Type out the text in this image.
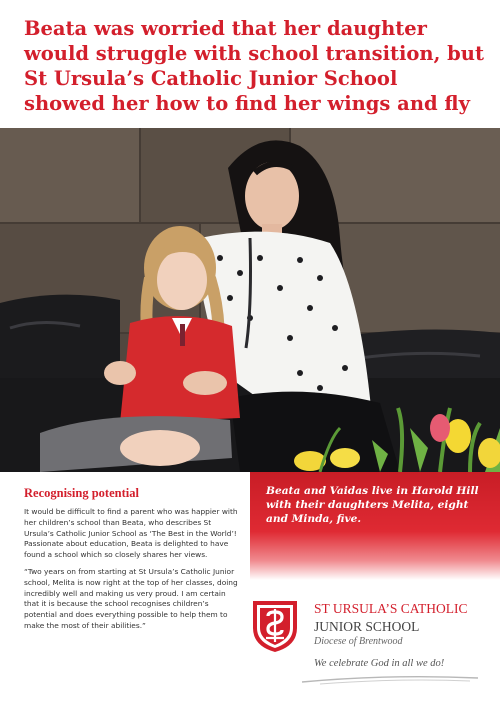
Beata was worried that her daughter would struggle with school transition, but St Ursula’s Catholic Junior School showed her how to find her wings and fly
Recognising potential

It would be difficult to find a parent who was happier with her children’s school than Beata, who describes St Ursula’s Catholic Junior School as ‘The Best in the World’! Passionate about education, Beata is delighted to have found a school which so closely shares her views.

“Two years on from starting at St Ursula’s Catholic Junior school, Melita is now right at the top of her classes, doing incredibly well and making us very proud. I am certain that it is because the school recognises children’s potential and does everything possible to help them to make the most of their abilities.”

Beata and Vaidas live in Harold Hill with their daughters Melita, eight and Minda, five.

ST URSULA’S CATHOLIC
JUNIOR SCHOOL
Diocese of Brentwood
We celebrate God in all we do!
